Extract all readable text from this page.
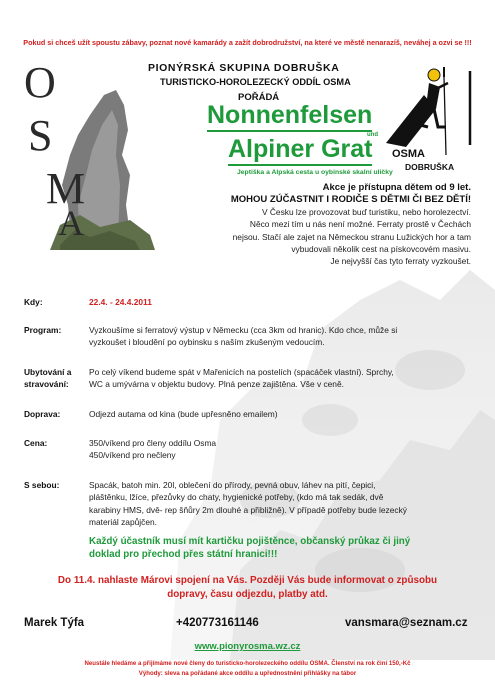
Pokud si chceš užít spoustu zábavy, poznat nové kamarády a zažít dobrodružství, na které ve městě nenarazíš, neváhej a ozvi se !!!
O
S
M
A
PIONÝRSKÁ SKUPINA DOBRUŠKA
TURISTICKO-HOROLEZECKÝ ODDÍL OSMA
POŘÁDÁ
Nonnenfelsen
und
Alpiner Grat
Jeptiška a Alpská cesta u oybinské skalní uličky
OSMA
DOBRUŠKA
Akce je přístupna dětem od 9 let.
MOHOU ZÚČASTNIT I RODIČE S DĚTMI ČI BEZ DĚTÍ!
V Česku lze provozovat buď turistiku, nebo horolezectví.
Něco mezi tím u nás není možné. Ferraty prostě v Čechách
nejsou. Stačí ale zajet na Německou stranu Lužických hor a tam
vybudovali několik cest na pískovcovém masivu.
Je nejvyšší čas tyto ferraty vyzkoušet.
Kdy:	22.4. - 24.4.2011
Program:	Vyzkoušíme si ferratový výstup v Německu (cca 3km od hranic). Kdo chce, může si
vyzkoušet i bloudění po oybinsku s naším zkušeným vedoucím.
Ubytování a
stravování:
Po celý víkend budeme spát v Mařenicích na postelích (spacáček vlastní). Sprchy,
WC a umývárna v objektu budovy. Plná penze zajištěna. Vše v ceně.
Doprava:	Odjezd autama od kina (bude upřesněno emailem)
Cena:	350/víkend pro členy oddílu Osma
450/víkend pro nečleny
S sebou:	Spacák, batoh min. 20l, oblečení do přírody, pevná obuv, láhev na pití, čepici,
pláštěnku, lžíce, přezůvky do chaty, hygienické potřeby, (kdo má tak sedák, dvě
karabiny HMS, dvě- rep šňůry 2m dlouhé a přibližně). V případě potřeby bude lezecký
materiál zapůjčen.
Každý účastník musí mít kartičku pojištěnce, občanský průkaz či jiný
doklad pro přechod přes státní hranici!!!
Do 11.4. nahlaste Márovi spojení na Vás. Později Vás bude informovat o způsobu
dopravy, času odjezdu, platby atd.
Marek Týfa	+420773161146	vansmara@seznam.cz
www.pionyrosma.wz.cz
Neustále hledáme a přijímáme nové členy do turisticko-horolezeckého oddílu OSMA. Členství na rok činí 150,-Kč
Výhody: sleva na pořádané akce oddílu a upřednostnění přihlášky na tábor
